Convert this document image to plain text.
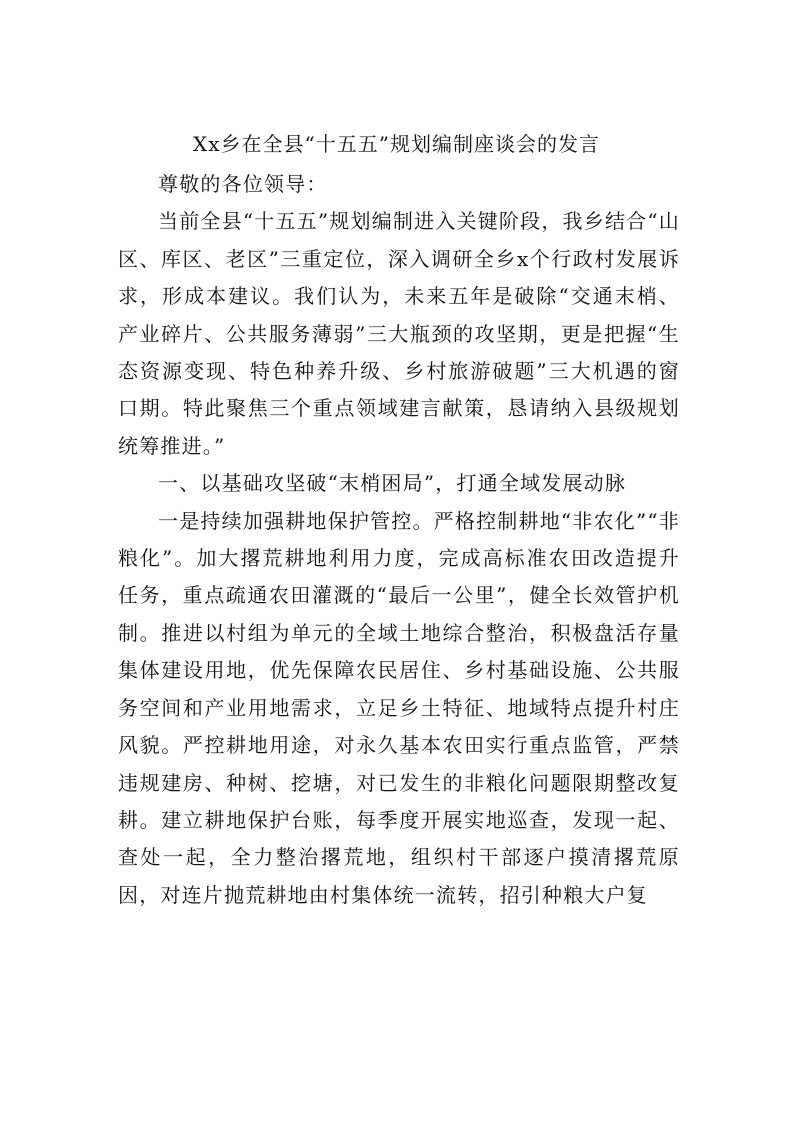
Xx乡在全县“十五五”规划编制座谈会的发言

尊敬的各位领导：

当前全县“十五五”规划编制进入关键阶段，我乡结合“山区、库区、老区”三重定位，深入调研全乡x个行政村发展诉求，形成本建议。我们认为，未来五年是破除“交通末梢、产业碎片、公共服务薄弱”三大瓶颈的攻坚期，更是把握“生态资源变现、特色种养升级、乡村旅游破题”三大机遇的窗口期。特此聚焦三个重点领域建言献策，恳请纳入县级规划统筹推进。”

一、以基础攻坚破“末梢困局”，打通全域发展动脉

一是持续加强耕地保护管控。严格控制耕地“非农化”“非粮化”。加大撂荒耕地利用力度，完成高标准农田改造提升任务，重点疏通农田灌溉的“最后一公里”，健全长效管护机制。推进以村组为单元的全域土地综合整治，积极盘活存量集体建设用地，优先保障农民居住、乡村基础设施、公共服务空间和产业用地需求，立足乡土特征、地域特点提升村庄风貌。严控耕地用途，对永久基本农田实行重点监管，严禁违规建房、种树、挖塘，对已发生的非粮化问题限期整改复耕。建立耕地保护台账，每季度开展实地巡查，发现一起、查处一起，全力整治撂荒地，组织村干部逐户摸清撂荒原因，对连片抛荒耕地由村集体统一流转，招引种粮大户复
